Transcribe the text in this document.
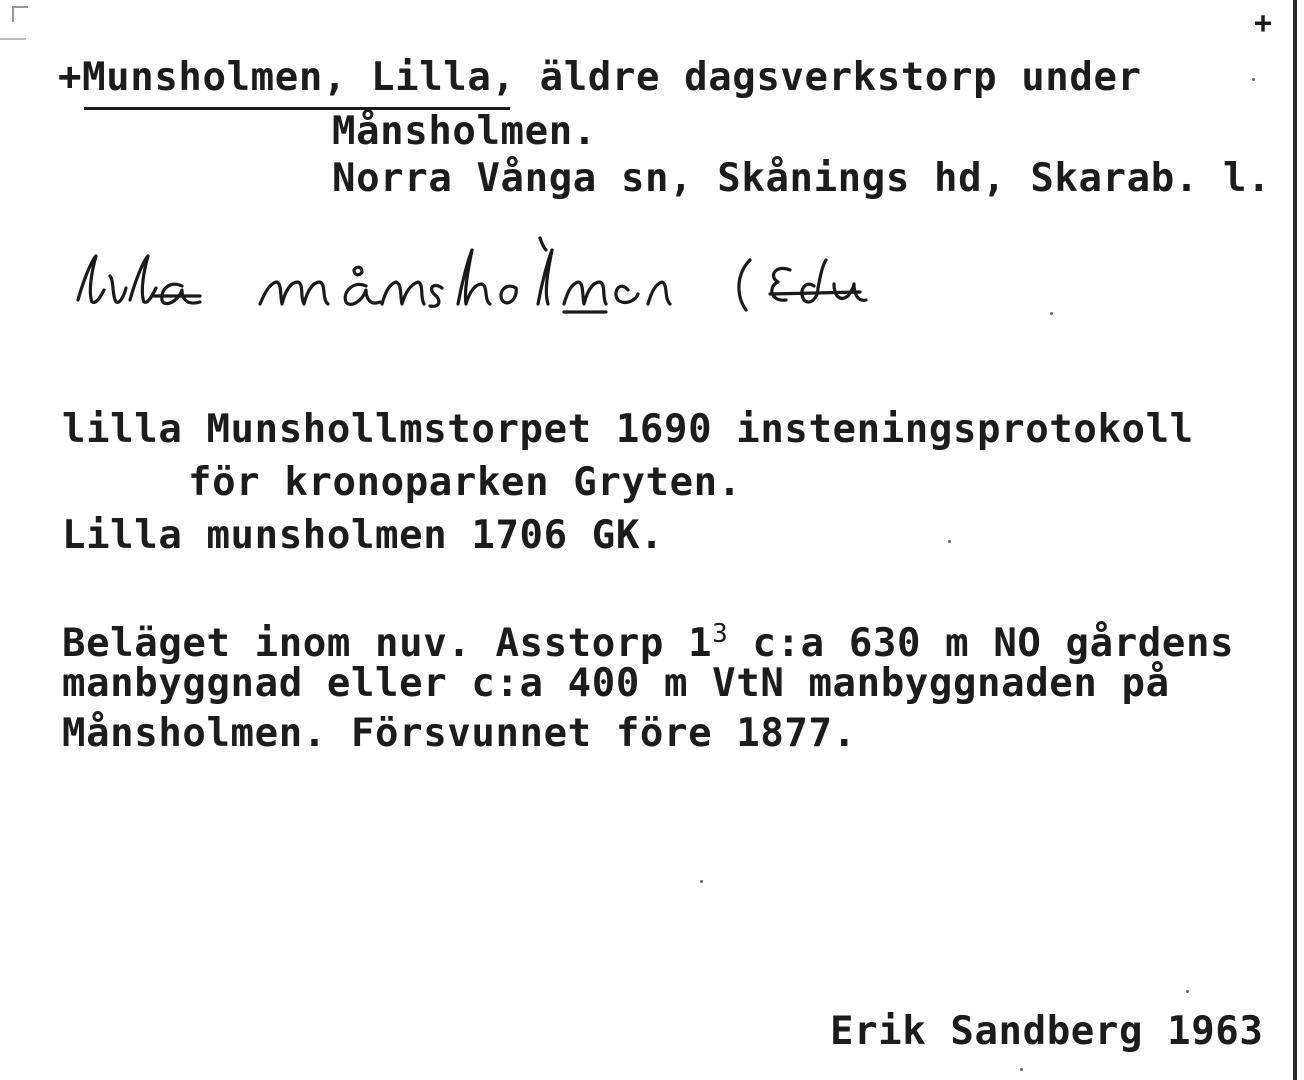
+
+Munsholmen, Lilla, äldre dagsverkstorp under
Månsholmen.
Norra Vånga sn, Skånings hd, Skarab. l.
lilla Munshollmstorpet 1690 insteningsprotokoll
för kronoparken Gryten.
Lilla munsholmen 1706 GK.
Beläget inom nuv. Asstorp $1^3$ c:a 630 m NO gårdens
manbyggnad eller c:a 400 m VtN manbyggnaden på
Månsholmen. Försvunnet före 1877.
Erik Sandberg 1963
